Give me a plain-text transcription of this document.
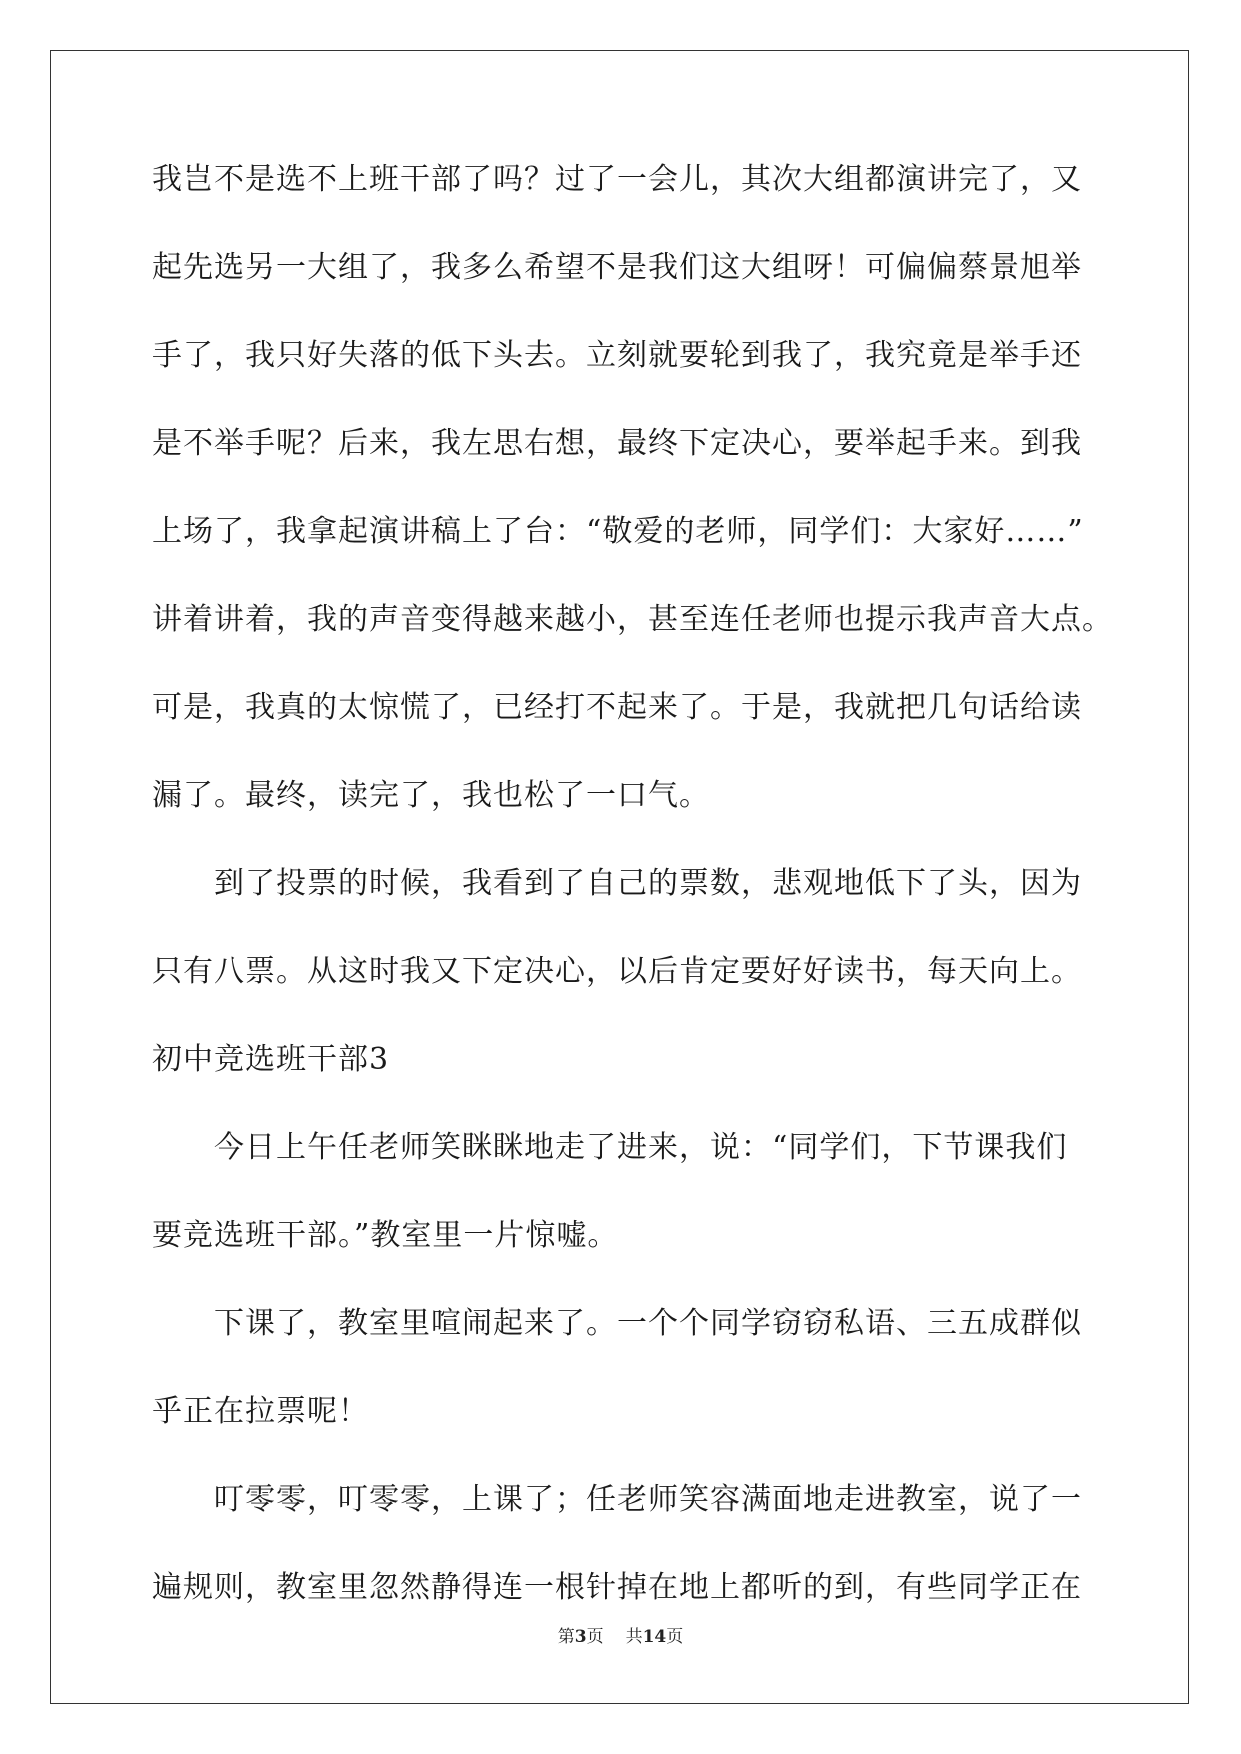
我岂不是选不上班干部了吗？过了一会儿，其次大组都演讲完了，又
起先选另一大组了，我多么希望不是我们这大组呀！可偏偏蔡景旭举
手了，我只好失落的低下头去。立刻就要轮到我了，我究竟是举手还
是不举手呢？后来，我左思右想，最终下定决心，要举起手来。到我
上场了，我拿起演讲稿上了台：“敬爱的老师，同学们：大家好……”
讲着讲着，我的声音变得越来越小，甚至连任老师也提示我声音大点。
可是，我真的太惊慌了，已经打不起来了。于是，我就把几句话给读
漏了。最终，读完了，我也松了一口气。
　　到了投票的时候，我看到了自己的票数，悲观地低下了头，因为
只有八票。从这时我又下定决心，以后肯定要好好读书，每天向上。
初中竞选班干部3
　　今日上午任老师笑眯眯地走了进来，说：“同学们，下节课我们
要竞选班干部。”教室里一片惊嘘。
　　下课了，教室里喧闹起来了。一个个同学窃窃私语、三五成群似
乎正在拉票呢！
　　叮零零，叮零零，上课了；任老师笑容满面地走进教室，说了一
遍规则，教室里忽然静得连一根针掉在地上都听的到，有些同学正在
第3页 共14页
